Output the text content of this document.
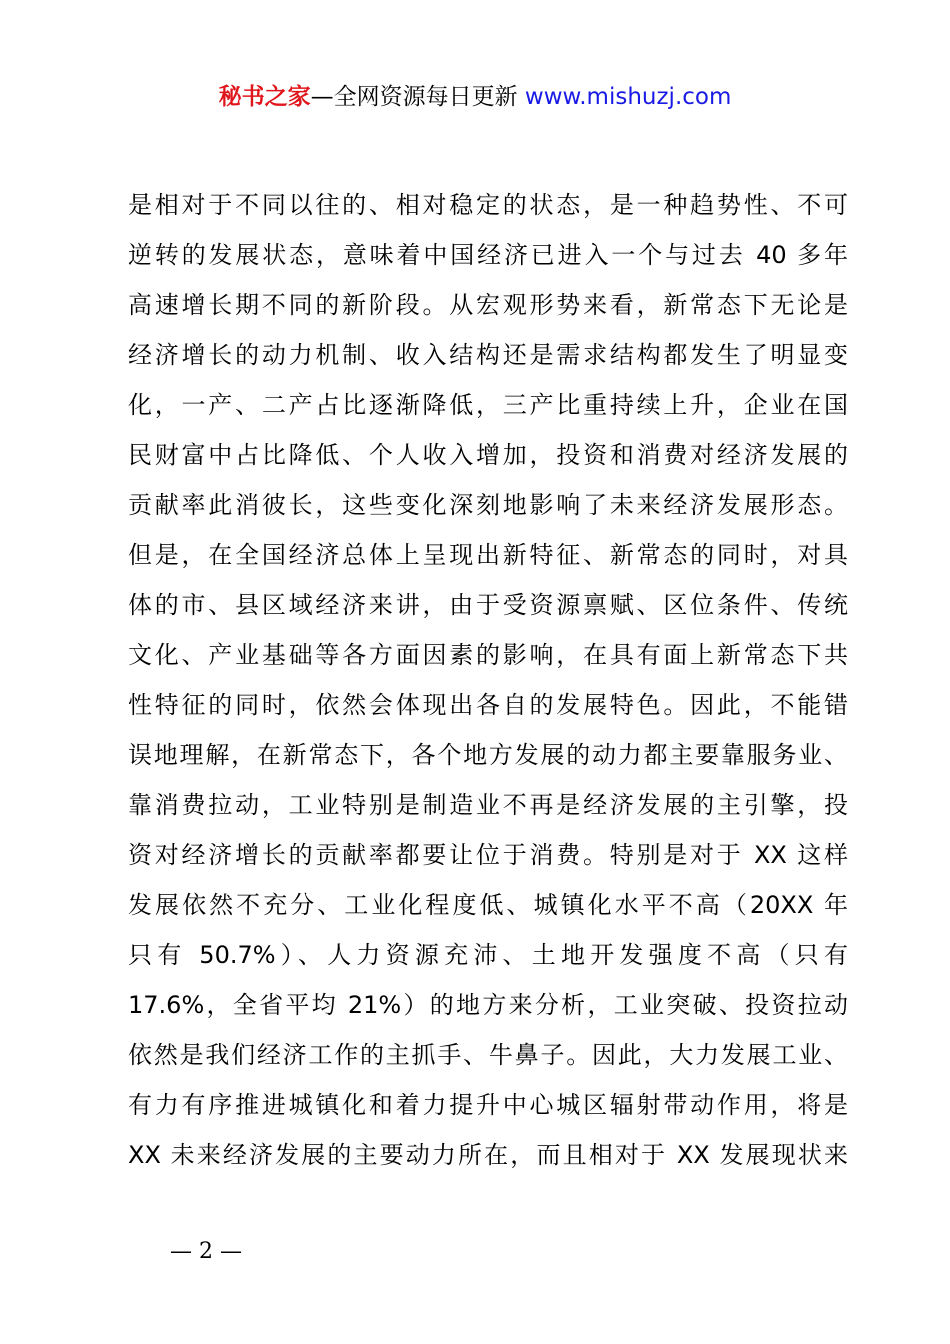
秘书之家—全网资源每日更新 www.mishuzj.com
是相对于不同以往的、相对稳定的状态，是一种趋势性、不可
逆转的发展状态，意味着中国经济已进入一个与过去 40 多年
高速增长期不同的新阶段。从宏观形势来看，新常态下无论是
经济增长的动力机制、收入结构还是需求结构都发生了明显变
化，一产、二产占比逐渐降低，三产比重持续上升，企业在国
民财富中占比降低、个人收入增加，投资和消费对经济发展的
贡献率此消彼长，这些变化深刻地影响了未来经济发展形态。
但是，在全国经济总体上呈现出新特征、新常态的同时，对具
体的市、县区域经济来讲，由于受资源禀赋、区位条件、传统
文化、产业基础等各方面因素的影响，在具有面上新常态下共
性特征的同时，依然会体现出各自的发展特色。因此，不能错
误地理解，在新常态下，各个地方发展的动力都主要靠服务业、
靠消费拉动，工业特别是制造业不再是经济发展的主引擎，投
资对经济增长的贡献率都要让位于消费。特别是对于 XX 这样
发展依然不充分、工业化程度低、城镇化水平不高（20XX 年
只有 50.7%）、人力资源充沛、土地开发强度不高（只有
17.6%，全省平均 21%）的地方来分析，工业突破、投资拉动
依然是我们经济工作的主抓手、牛鼻子。因此，大力发展工业、
有力有序推进城镇化和着力提升中心城区辐射带动作用，将是
XX 未来经济发展的主要动力所在，而且相对于 XX 发展现状来
— 2 —
